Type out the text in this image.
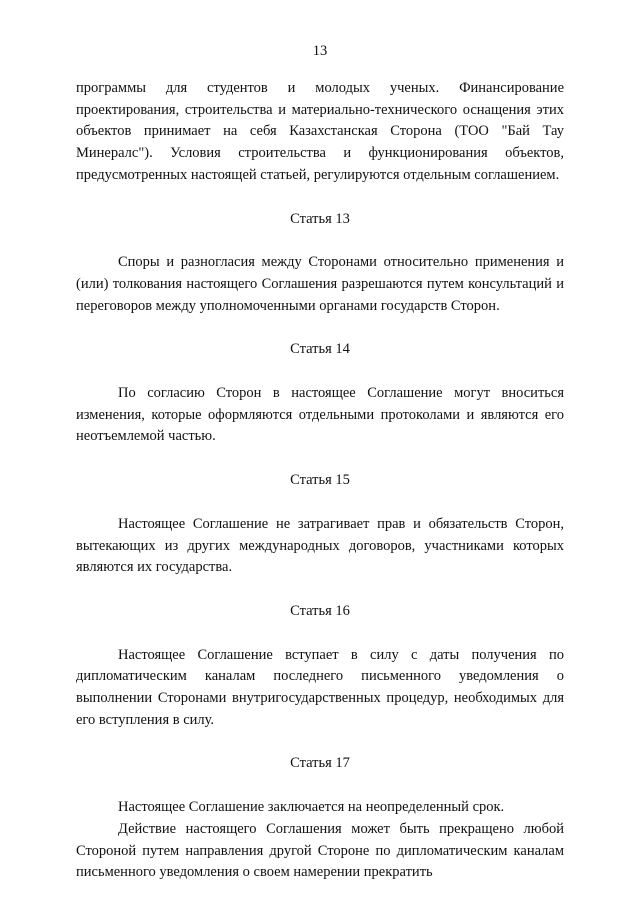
13

программы для студентов и молодых ученых. Финансирование проектирования, строительства и материально-технического оснащения этих объектов принимает на себя Казахстанская Сторона (ТОО "Бай Тау Минералс"). Условия строительства и функционирования объектов, предусмотренных настоящей статьей, регулируются отдельным соглашением.

Статья 13

Споры и разногласия между Сторонами относительно применения и (или) толкования настоящего Соглашения разрешаются путем консультаций и переговоров между уполномоченными органами государств Сторон.

Статья 14

По согласию Сторон в настоящее Соглашение могут вноситься изменения, которые оформляются отдельными протоколами и являются его неотъемлемой частью.

Статья 15

Настоящее Соглашение не затрагивает прав и обязательств Сторон, вытекающих из других международных договоров, участниками которых являются их государства.

Статья 16

Настоящее Соглашение вступает в силу с даты получения по дипломатическим каналам последнего письменного уведомления о выполнении Сторонами внутригосударственных процедур, необходимых для его вступления в силу.

Статья 17

Настоящее Соглашение заключается на неопределенный срок.

Действие настоящего Соглашения может быть прекращено любой Стороной путем направления другой Стороне по дипломатическим каналам письменного уведомления о своем намерении прекратить
